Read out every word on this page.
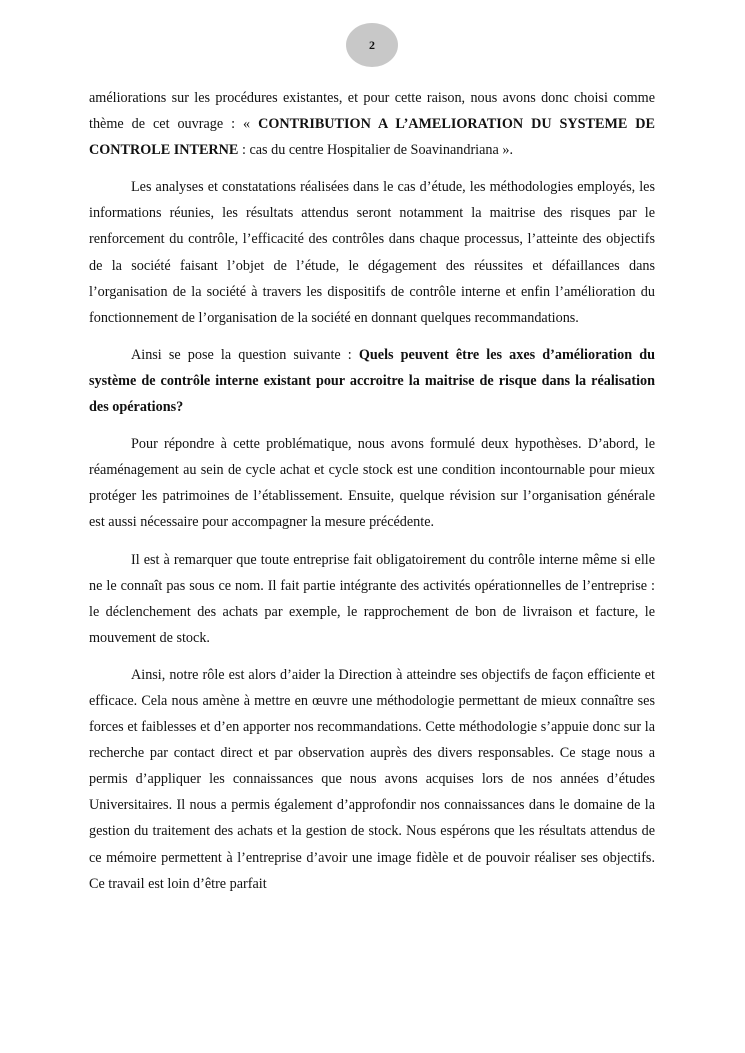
2

améliorations sur les procédures existantes, et pour cette raison, nous avons donc choisi comme thème de cet ouvrage : « CONTRIBUTION A L’AMELIORATION DU SYSTEME DE CONTROLE INTERNE : cas du centre Hospitalier de Soavinandriana ».

Les analyses et constatations réalisées dans le cas d’étude, les méthodologies employés, les informations réunies, les résultats attendus seront notamment la maitrise des risques par le renforcement du contrôle, l’efficacité des contrôles dans chaque processus, l’atteinte des objectifs de la société faisant l’objet de l’étude, le dégagement des réussites et défaillances dans l’organisation de la société à travers les dispositifs de contrôle interne et enfin l’amélioration du fonctionnement de l’organisation de la société en donnant quelques recommandations.

Ainsi se pose la question suivante : Quels peuvent être les axes d’amélioration du système de contrôle interne existant pour accroitre la maitrise de risque dans la réalisation des opérations?

Pour répondre à cette problématique, nous avons formulé deux hypothèses. D’abord, le réaménagement au sein de cycle achat et cycle stock est une condition incontournable pour mieux protéger les patrimoines de l’établissement. Ensuite, quelque révision sur l’organisation générale est aussi nécessaire pour accompagner la mesure précédente.

Il est à remarquer que toute entreprise fait obligatoirement du contrôle interne même si elle ne le connaît pas sous ce nom. Il fait partie intégrante des activités opérationnelles de l’entreprise : le déclenchement des achats par exemple, le rapprochement de bon de livraison et facture, le mouvement de stock.

Ainsi, notre rôle est alors d’aider la Direction à atteindre ses objectifs de façon efficiente et efficace. Cela nous amène à mettre en œuvre une méthodologie permettant de mieux connaître ses forces et faiblesses et d’en apporter nos recommandations. Cette méthodologie s’appuie donc sur la recherche par contact direct et par observation auprès des divers responsables. Ce stage nous a permis d’appliquer les connaissances que nous avons acquises lors de nos années d’études Universitaires. Il nous a permis également d’approfondir nos connaissances dans le domaine de la gestion du traitement des achats et la gestion de stock. Nous espérons que les résultats attendus de ce mémoire permettent à l’entreprise d’avoir une image fidèle et de pouvoir réaliser ses objectifs. Ce travail est loin d’être parfait
